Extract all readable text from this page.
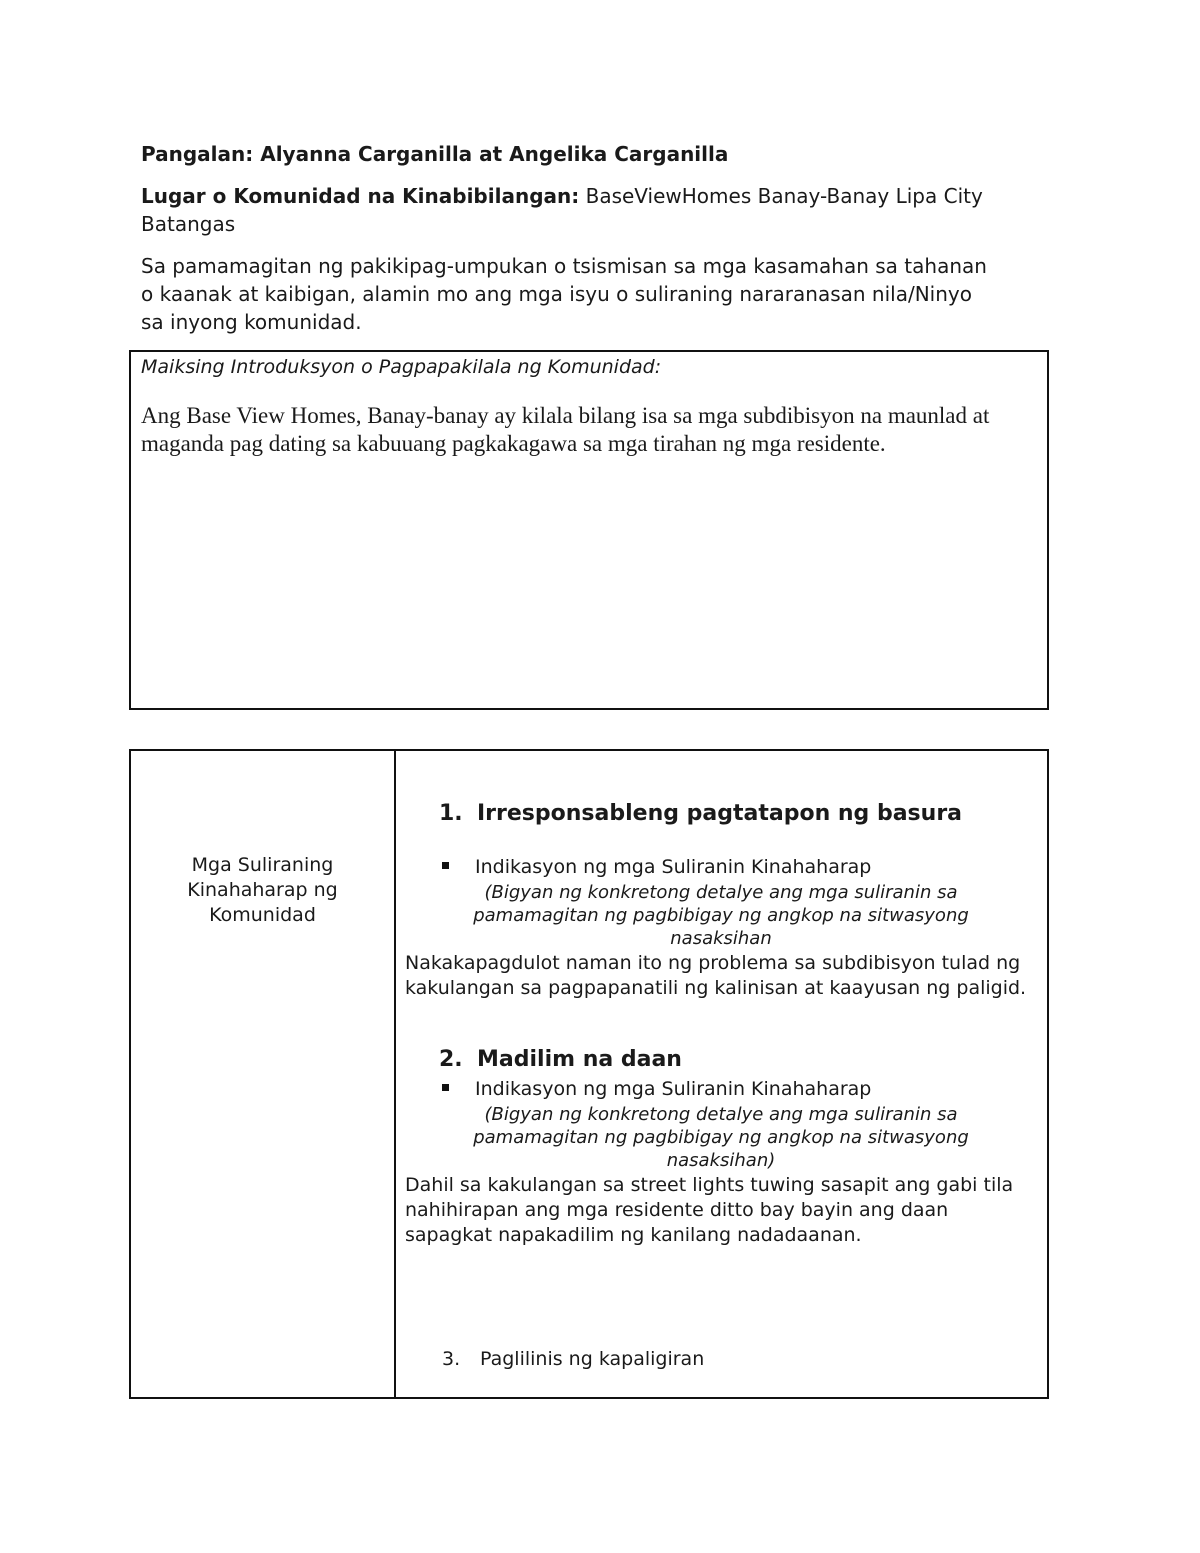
Pangalan: Alyanna Carganilla at Angelika Carganilla
Lugar o Komunidad na Kinabibilangan: BaseViewHomes Banay-Banay Lipa City
Batangas
Sa pamamagitan ng pakikipag-umpukan o tsismisan sa mga kasamahan sa tahanan
o kaanak at kaibigan, alamin mo ang mga isyu o suliraning nararanasan nila/Ninyo
sa inyong komunidad.
Maiksing Introduksyon o Pagpapakilala ng Komunidad:
Ang Base View Homes, Banay-banay ay kilala bilang isa sa mga subdibisyon na maunlad at maganda pag dating sa kabuuang pagkakagawa sa mga tirahan ng mga residente.
Mga Suliraning
Kinahaharap ng
Komunidad
1. Irresponsableng pagtatapon ng basura
Indikasyon ng mga Suliranin Kinahaharap
(Bigyan ng konkretong detalye ang mga suliranin sa
pamamagitan ng pagbibigay ng angkop na sitwasyong
nasaksihan
Nakakapagdulot naman ito ng problema sa subdibisyon tulad ng kakulangan sa pagpapanatili ng kalinisan at kaayusan ng paligid.
2. Madilim na daan
Indikasyon ng mga Suliranin Kinahaharap
(Bigyan ng konkretong detalye ang mga suliranin sa
pamamagitan ng pagbibigay ng angkop na sitwasyong
nasaksihan)
Dahil sa kakulangan sa street lights tuwing sasapit ang gabi tila nahihirapan ang mga residente ditto bay bayin ang daan sapagkat napakadilim ng kanilang nadadaanan.
3. Paglilinis ng kapaligiran
